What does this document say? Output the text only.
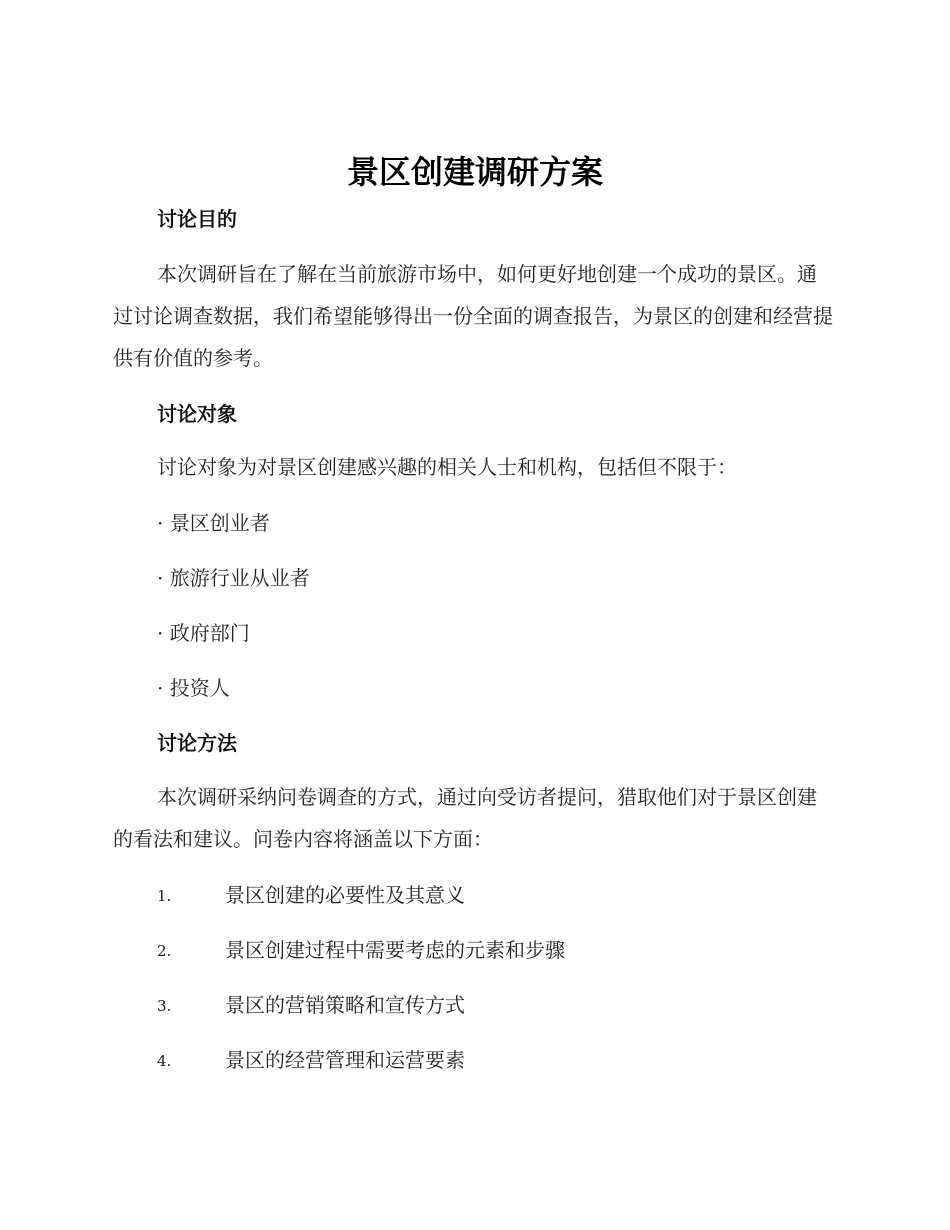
景区创建调研方案
讨论目的

本次调研旨在了解在当前旅游市场中，如何更好地创建一个成功的景区。通过讨论调查数据，我们希望能够得出一份全面的调查报告，为景区的创建和经营提供有价值的参考。

讨论对象

讨论对象为对景区创建感兴趣的相关人士和机构，包括但不限于：

· 景区创业者
· 旅游行业从业者
· 政府部门
· 投资人
讨论方法

本次调研采纳问卷调查的方式，通过向受访者提问，猎取他们对于景区创建的看法和建议。问卷内容将涵盖以下方面：

1.	景区创建的必要性及其意义
2.	景区创建过程中需要考虑的元素和步骤
3.	景区的营销策略和宣传方式
4.	景区的经营管理和运营要素
